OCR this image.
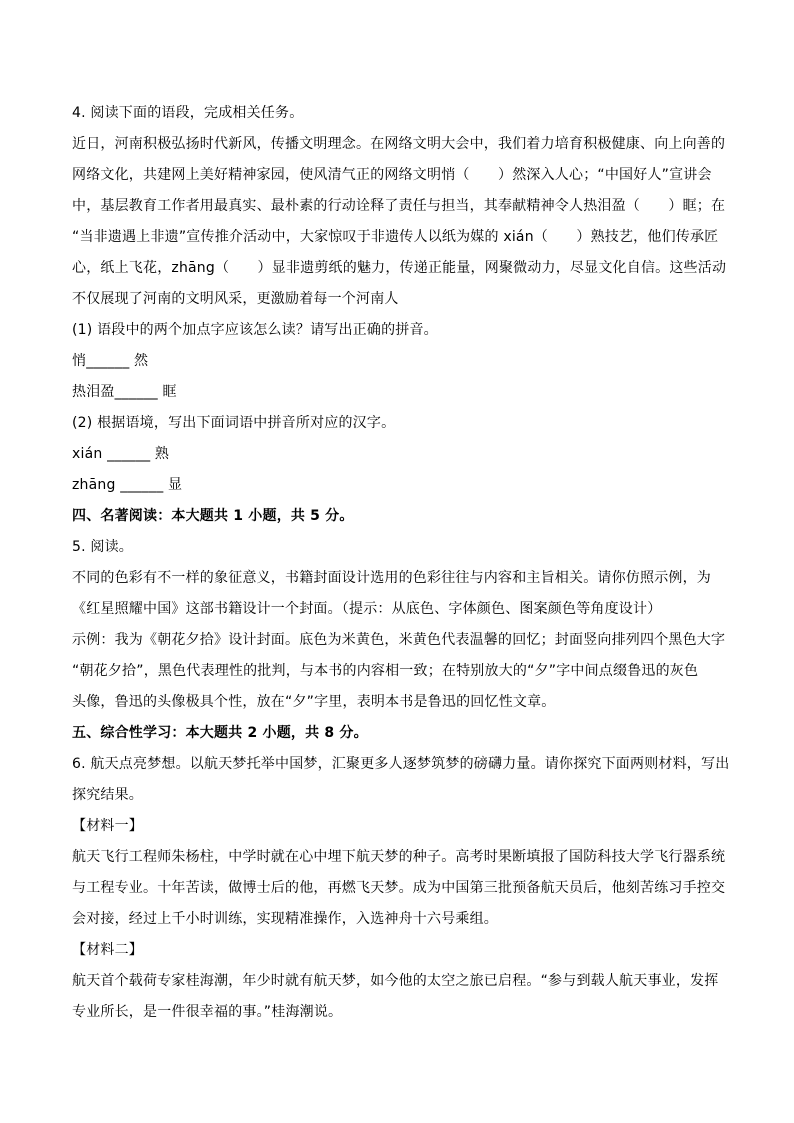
4. 阅读下面的语段，完成相关任务。
近日，河南积极弘扬时代新风，传播文明理念。在网络文明大会中，我们着力培育积极健康、向上向善的
网络文化，共建网上美好精神家园，使风清气正的网络文明悄（　　）然深入人心；“中国好人”宣讲会
中，基层教育工作者用最真实、最朴素的行动诠释了责任与担当，其奉献精神令人热泪盈（　　）眶；在
“当非遗遇上非遗”宣传推介活动中，大家惊叹于非遗传人以纸为媒的 xián（　　）熟技艺，他们传承匠
心，纸上飞花，zhāng（　　）显非遗剪纸的魅力，传递正能量，网聚微动力，尽显文化自信。这些活动
不仅展现了河南的文明风采，更激励着每一个河南人
(1) 语段中的两个加点字应该怎么读？请写出正确的拼音。
悄______ 然
热泪盈______ 眶
(2) 根据语境，写出下面词语中拼音所对应的汉字。
xián ______ 熟
zhāng ______ 显
四、名著阅读：本大题共 1 小题，共 5 分。
5. 阅读。
不同的色彩有不一样的象征意义，书籍封面设计选用的色彩往往与内容和主旨相关。请你仿照示例，为
《红星照耀中国》这部书籍设计一个封面。（提示：从底色、字体颜色、图案颜色等角度设计）
示例：我为《朝花夕拾》设计封面。底色为米黄色，米黄色代表温馨的回忆；封面竖向排列四个黑色大字
“朝花夕拾”，黑色代表理性的批判，与本书的内容相一致；在特别放大的“夕”字中间点缀鲁迅的灰色
头像，鲁迅的头像极具个性，放在“夕”字里，表明本书是鲁迅的回忆性文章。
五、综合性学习：本大题共 2 小题，共 8 分。
6. 航天点亮梦想。以航天梦托举中国梦，汇聚更多人逐梦筑梦的磅礴力量。请你探究下面两则材料，写出
探究结果。
【材料一】
航天飞行工程师朱杨柱，中学时就在心中埋下航天梦的种子。高考时果断填报了国防科技大学飞行器系统
与工程专业。十年苦读，做博士后的他，再燃飞天梦。成为中国第三批预备航天员后，他刻苦练习手控交
会对接，经过上千小时训练，实现精准操作，入选神舟十六号乘组。
【材料二】
航天首个载荷专家桂海潮，年少时就有航天梦，如今他的太空之旅已启程。“参与到载人航天事业，发挥
专业所长，是一件很幸福的事。”桂海潮说。
